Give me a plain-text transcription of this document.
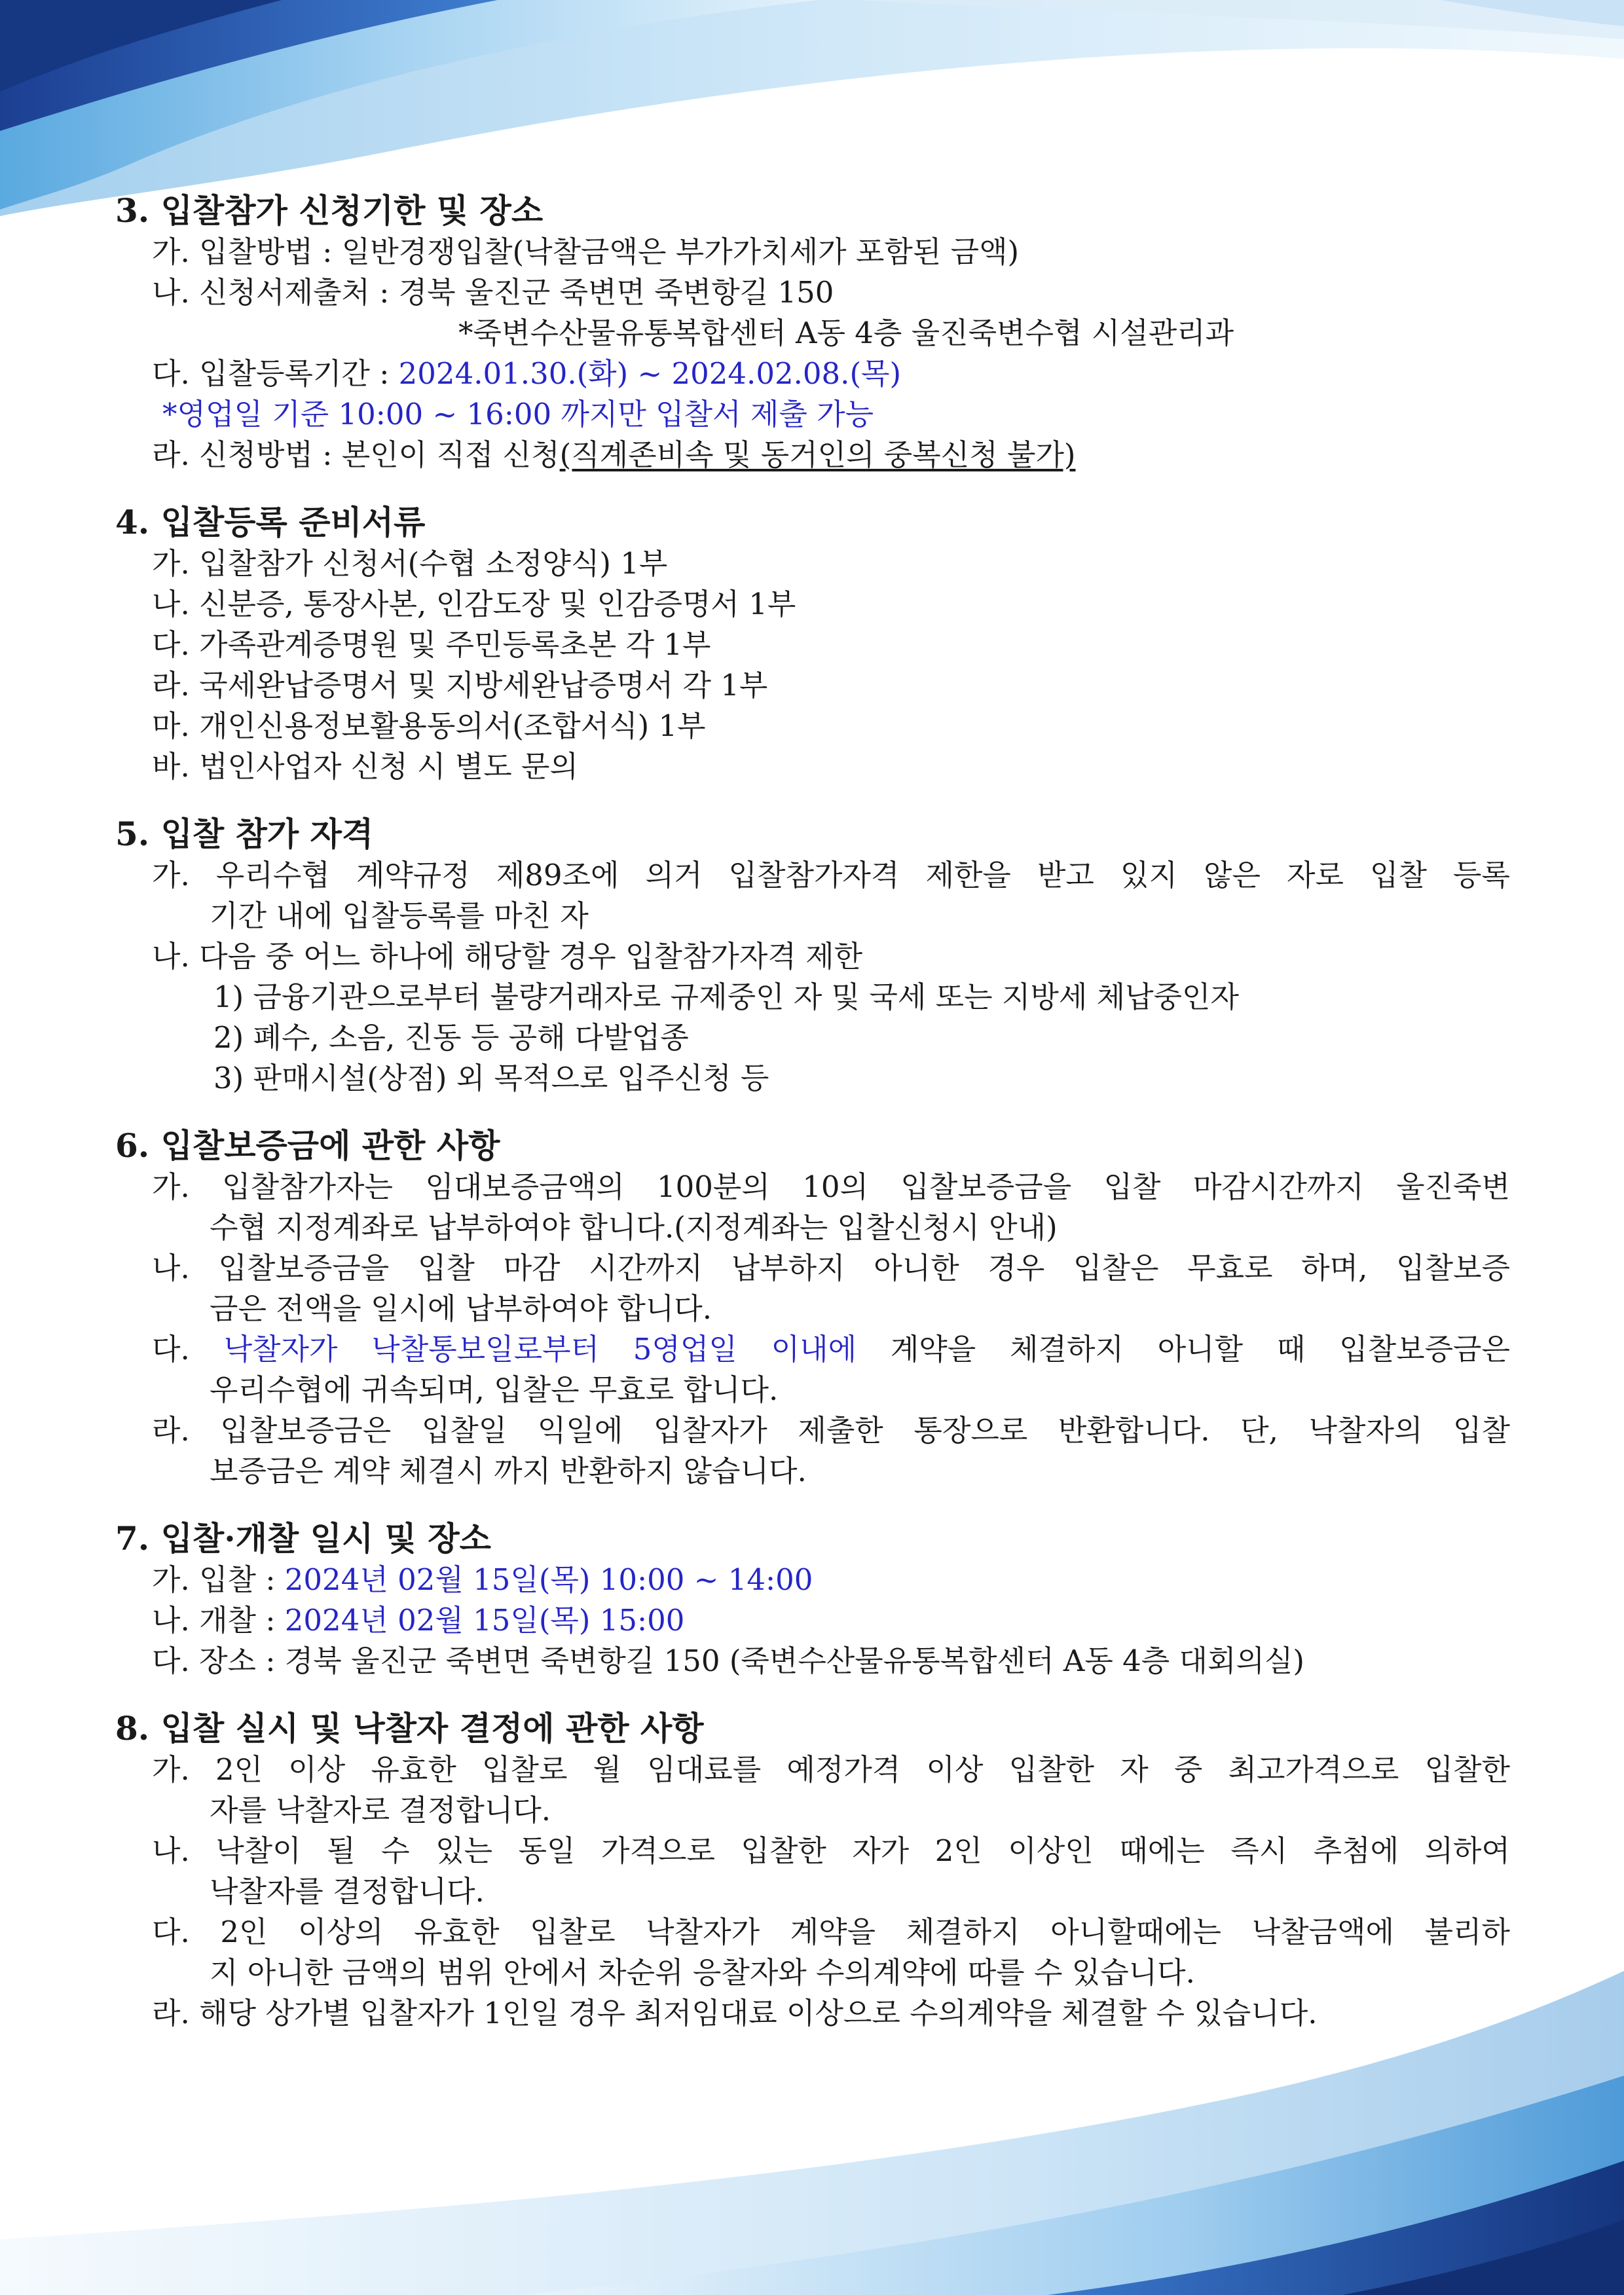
3. 입찰참가 신청기한 및 장소
가. 입찰방법 : 일반경쟁입찰(낙찰금액은 부가가치세가 포함된 금액)
나. 신청서제출처 : 경북 울진군 죽변면 죽변항길 150
*죽변수산물유통복합센터 A동 4층 울진죽변수협 시설관리과
다. 입찰등록기간 : 2024.01.30.(화) ~ 2024.02.08.(목)
*영업일 기준 10:00 ~ 16:00 까지만 입찰서 제출 가능
라. 신청방법 : 본인이 직접 신청(직계존비속 및 동거인의 중복신청 불가)
4. 입찰등록 준비서류
가. 입찰참가 신청서(수협 소정양식) 1부
나. 신분증, 통장사본, 인감도장 및 인감증명서 1부
다. 가족관계증명원 및 주민등록초본 각 1부
라. 국세완납증명서 및 지방세완납증명서 각 1부
마. 개인신용정보활용동의서(조합서식) 1부
바. 법인사업자 신청 시 별도 문의
5. 입찰 참가 자격
가. 우리수협 계약규정 제89조에 의거 입찰참가자격 제한을 받고 있지 않은 자로 입찰 등록
기간 내에 입찰등록를 마친 자
나. 다음 중 어느 하나에 해당할 경우 입찰참가자격 제한
1) 금융기관으로부터 불량거래자로 규제중인 자 및 국세 또는 지방세 체납중인자
2) 폐수, 소음, 진동 등 공해 다발업종
3) 판매시설(상점) 외 목적으로 입주신청 등
6. 입찰보증금에 관한 사항
가. 입찰참가자는 임대보증금액의 100분의 10의 입찰보증금을 입찰 마감시간까지 울진죽변
수협 지정계좌로 납부하여야 합니다.(지정계좌는 입찰신청시 안내)
나. 입찰보증금을 입찰 마감 시간까지 납부하지 아니한 경우 입찰은 무효로 하며, 입찰보증
금은 전액을 일시에 납부하여야 합니다.
다. 낙찰자가 낙찰통보일로부터 5영업일 이내에 계약을 체결하지 아니할 때 입찰보증금은
우리수협에 귀속되며, 입찰은 무효로 합니다.
라. 입찰보증금은 입찰일 익일에 입찰자가 제출한 통장으로 반환합니다. 단, 낙찰자의 입찰
보증금은 계약 체결시 까지 반환하지 않습니다.
7. 입찰·개찰 일시 및 장소
가. 입찰 : 2024년 02월 15일(목) 10:00 ~ 14:00
나. 개찰 : 2024년 02월 15일(목) 15:00
다. 장소 : 경북 울진군 죽변면 죽변항길 150 (죽변수산물유통복합센터 A동 4층 대회의실)
8. 입찰 실시 및 낙찰자 결정에 관한 사항
가. 2인 이상 유효한 입찰로 월 임대료를 예정가격 이상 입찰한 자 중 최고가격으로 입찰한
자를 낙찰자로 결정합니다.
나. 낙찰이 될 수 있는 동일 가격으로 입찰한 자가 2인 이상인 때에는 즉시 추첨에 의하여
낙찰자를 결정합니다.
다. 2인 이상의 유효한 입찰로 낙찰자가 계약을 체결하지 아니할때에는 낙찰금액에 불리하
지 아니한 금액의 범위 안에서 차순위 응찰자와 수의계약에 따를 수 있습니다.
라. 해당 상가별 입찰자가 1인일 경우 최저임대료 이상으로 수의계약을 체결할 수 있습니다.
